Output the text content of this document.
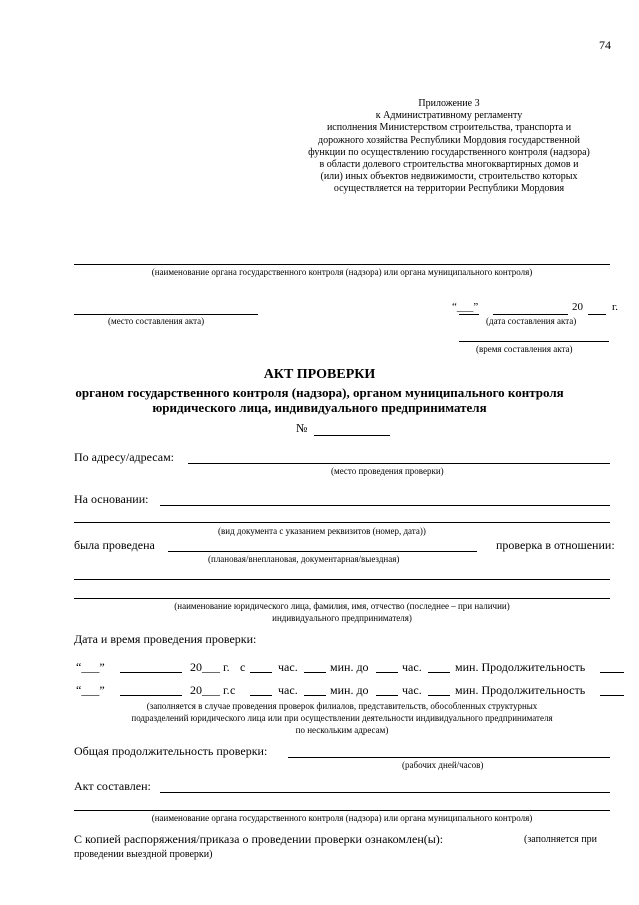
74
Приложение 3
к Административному регламенту
исполнения Министерством строительства, транспорта и
дорожного хозяйства Республики Мордовия государственной
функции по осуществлению государственного контроля (надзора)
в области долевого строительства многоквартирных домов и
(или) иных объектов недвижимости, строительство которых
осуществляется на территории Республики Мордовия
(наименование органа государственного контроля (надзора) или органа муниципального контроля)
(место составления акта)
“___”	20	г.
(дата составления акта)
(время составления акта)
АКТ ПРОВЕРКИ
органом государственного контроля (надзора), органом муниципального контроля
юридического лица, индивидуального предпринимателя
№
По адресу/адресам:
(место проведения проверки)
На основании:
(вид документа с указанием реквизитов (номер, дата))
была проведена	проверка в отношении:
(плановая/внеплановая, документарная/выездная)
(наименование юридического лица, фамилия, имя, отчество (последнее – при наличии)
индивидуального предпринимателя)
Дата и время проведения проверки:
“___”	20___ г. с	час.	мин. до	час.	мин. Продолжительность
“___”	20___ г. с	час.	мин. до	час.	мин. Продолжительность
(заполняется в случае проведения проверок филиалов, представительств, обособленных структурных
подразделений юридического лица или при осуществлении деятельности индивидуального предпринимателя
по нескольким адресам)
Общая продолжительность проверки:
(рабочих дней/часов)
Акт составлен:
(наименование органа государственного контроля (надзора) или органа муниципального контроля)
С копией распоряжения/приказа о проведении проверки ознакомлен(ы):	(заполняется при
проведении выездной проверки)
